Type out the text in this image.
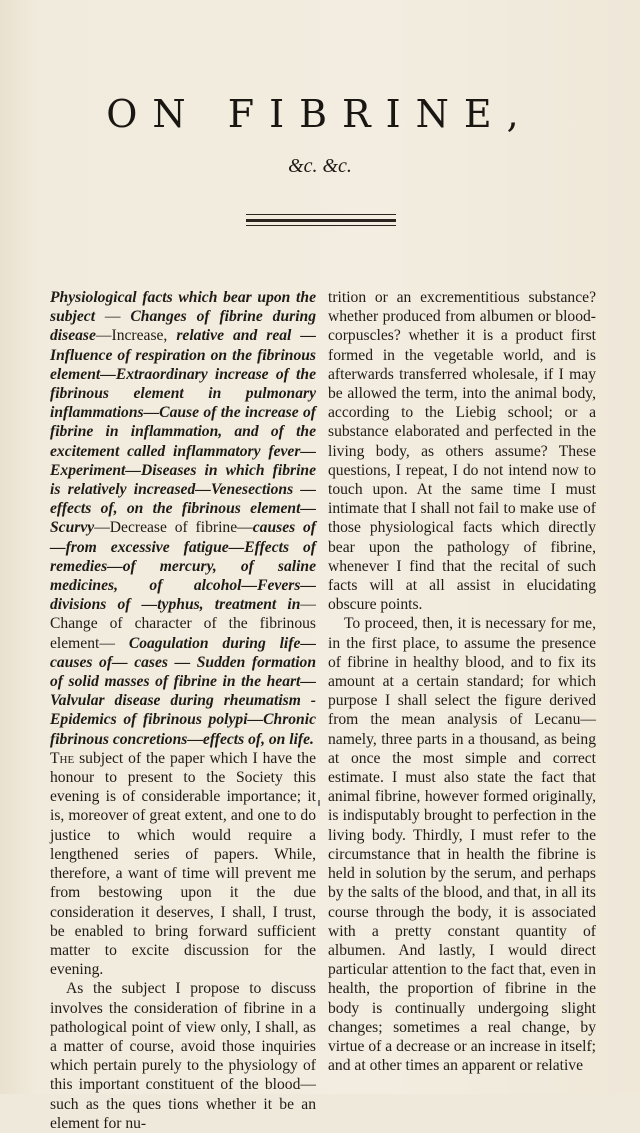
ON FIBRINE,
&c. &c.

Physiological facts which bear upon the subject — Changes of fibrine during disease—Increase, relative and real —Influence of respiration on the fibrinous element—Extraordinary increase of the fibrinous element in pulmonary inflammations—Cause of the increase of fibrine in inflammation, and of the excitement called inflammatory fever—Experiment—Diseases in which fibrine is relatively increased—Venesections — effects of, on the fibrinous element— Scurvy—Decrease of fibrine—causes of—from excessive fatigue—Effects of remedies—of mercury, of saline medicines, of alcohol—Fevers—divisions of —typhus, treatment in— Change of character of the fibrinous element— Coagulation during life—causes of— cases — Sudden formation of solid masses of fibrine in the heart—Valvular disease during rheumatism - Epidemics of fibrinous polypi—Chronic fibrinous concretions—effects of, on life.

The subject of the paper which I have the honour to present to the Society this evening is of considerable importance; it is, moreover of great extent, and one to do justice to which would require a lengthened series of papers. While, therefore, a want of time will prevent me from bestowing upon it the due consideration it deserves, I shall, I trust, be enabled to bring forward sufficient matter to excite discussion for the evening.

As the subject I propose to discuss involves the consideration of fibrine in a pathological point of view only, I shall, as a matter of course, avoid those inquiries which pertain purely to the physiology of this important constituent of the blood—such as the ques tions whether it be an element for nu-

trition or an excrementitious substance? whether produced from albumen or blood-corpuscles? whether it is a product first formed in the vegetable world, and is afterwards transferred wholesale, if I may be allowed the term, into the animal body, according to the Liebig school; or a substance elaborated and perfected in the living body, as others assume? These questions, I repeat, I do not intend now to touch upon. At the same time I must intimate that I shall not fail to make use of those physiological facts which directly bear upon the pathology of fibrine, whenever I find that the recital of such facts will at all assist in elucidating obscure points.

To proceed, then, it is necessary for me, in the first place, to assume the presence of fibrine in healthy blood, and to fix its amount at a certain standard; for which purpose I shall select the figure derived from the mean analysis of Lecanu—namely, three parts in a thousand, as being at once the most simple and correct estimate. I must also state the fact that animal fibrine, however formed originally, is indisputably brought to perfection in the living body. Thirdly, I must refer to the circumstance that in health the fibrine is held in solution by the serum, and perhaps by the salts of the blood, and that, in all its course through the body, it is associated with a pretty constant quantity of albumen. And lastly, I would direct particular attention to the fact that, even in health, the proportion of fibrine in the body is continually undergoing slight changes; sometimes a real change, by virtue of a decrease or an increase in itself; and at other times an apparent or relative
